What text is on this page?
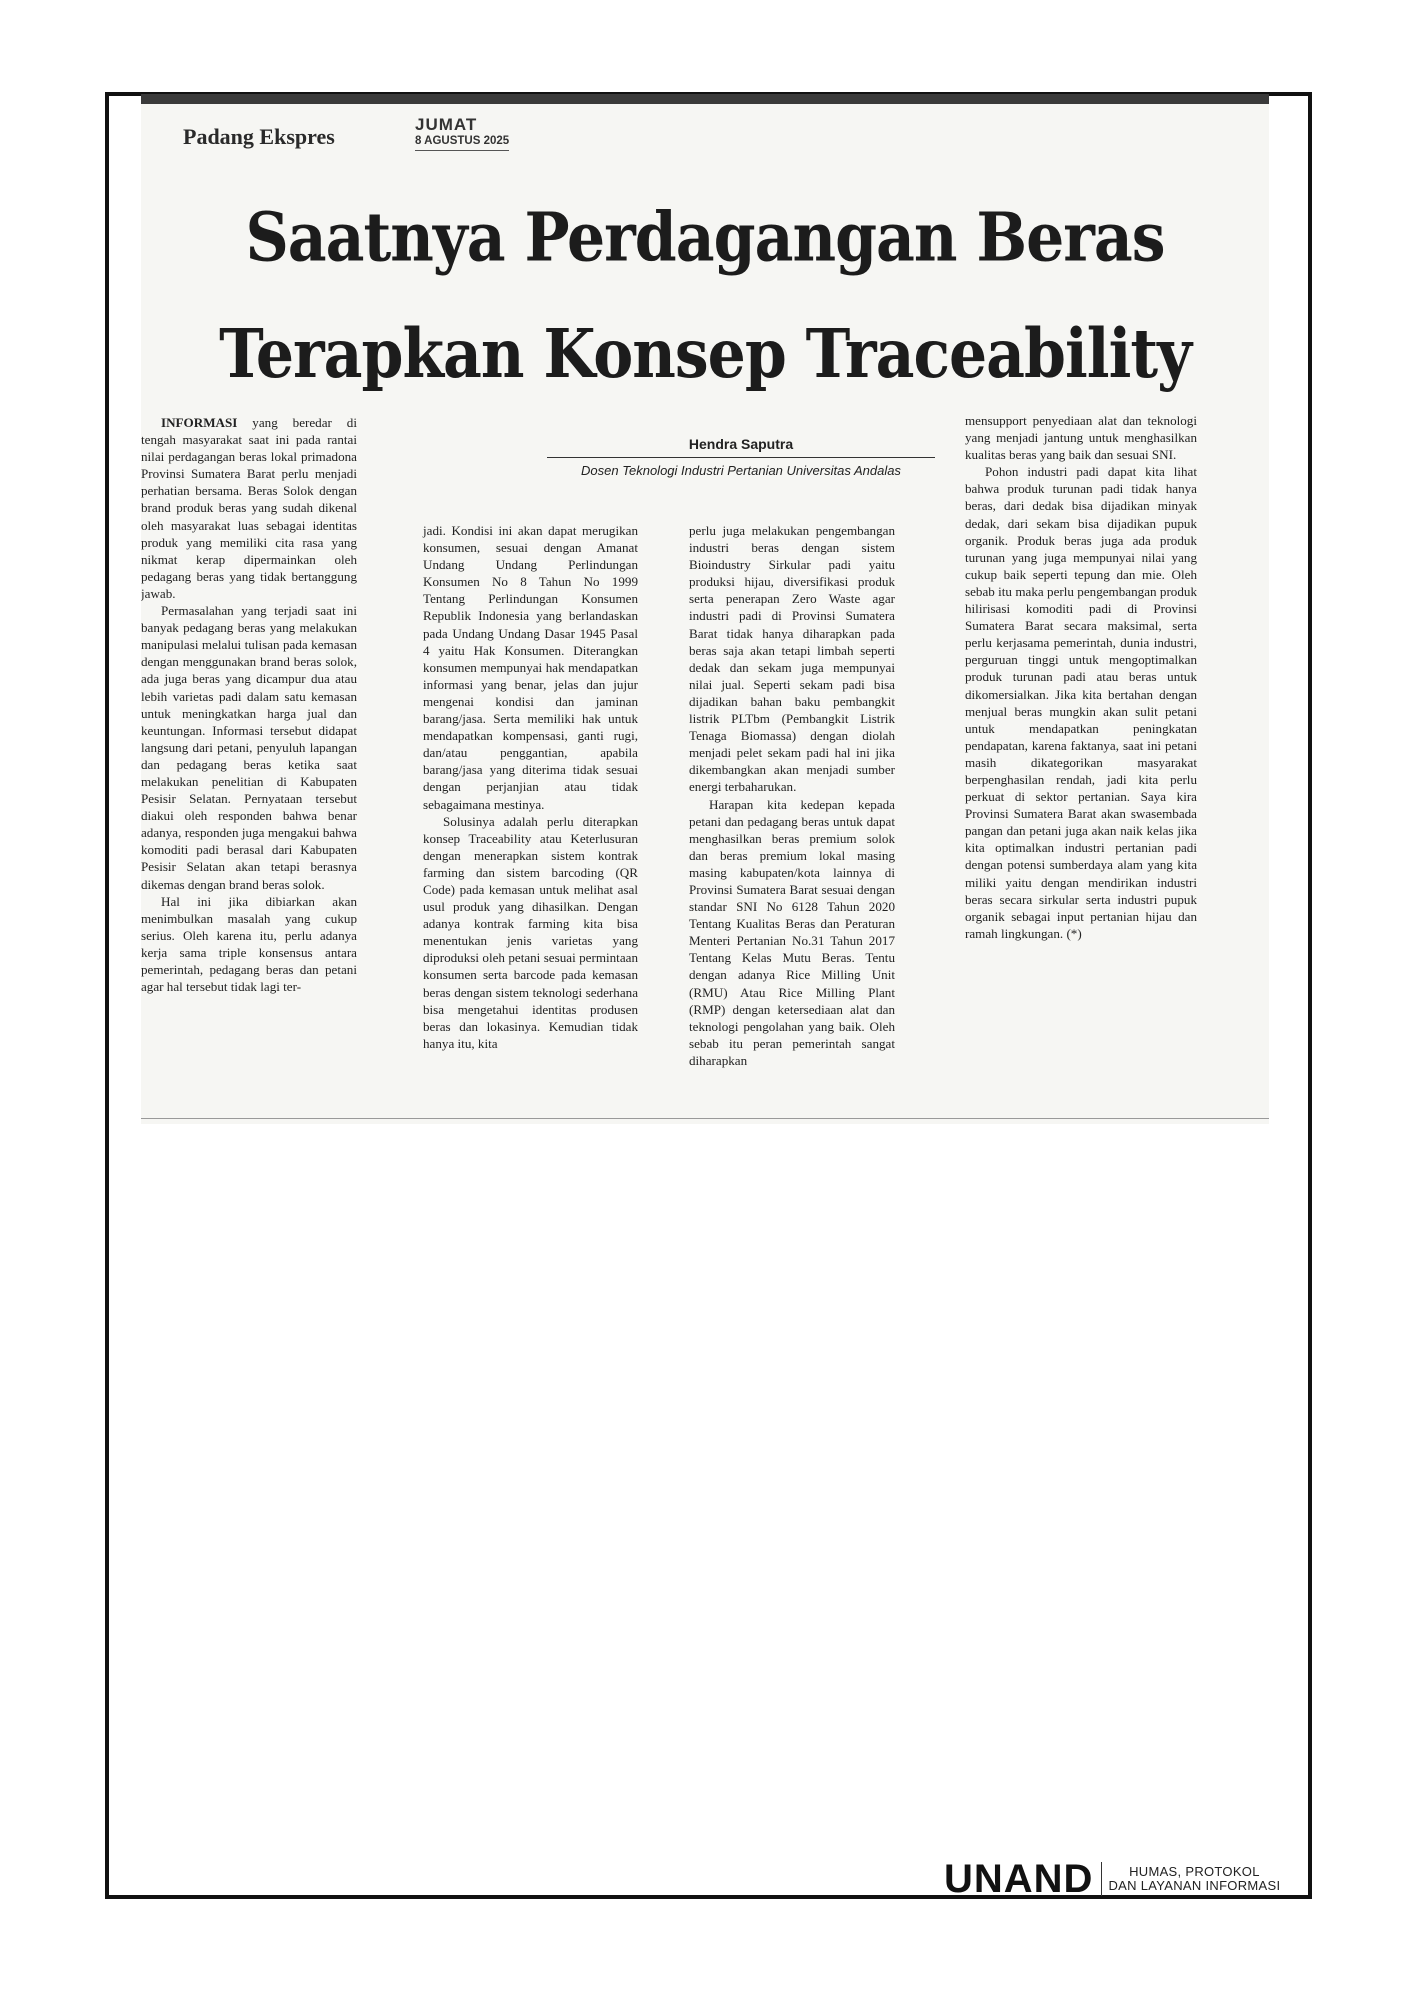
Padang Ekspres	JUMAT
8 AGUSTUS 2025
Saatnya Perdagangan Beras
Terapkan Konsep Traceability
Hendra Saputra
Dosen Teknologi Industri Pertanian Universitas Andalas

INFORMASI yang beredar di tengah masyarakat saat ini pada rantai nilai perdagangan beras lokal primadona Provinsi Sumatera Barat perlu menjadi perhatian bersama. Beras Solok dengan brand produk beras yang sudah dikenal oleh masyarakat luas sebagai identitas produk yang memiliki cita rasa yang nikmat kerap dipermainkan oleh pedagang beras yang tidak bertanggung jawab.

Permasalahan yang terjadi saat ini banyak pedagang beras yang melakukan manipulasi melalui tulisan pada kemasan dengan menggunakan brand beras solok, ada juga beras yang dicampur dua atau lebih varietas padi dalam satu kemasan untuk meningkatkan harga jual dan keuntungan. Informasi tersebut didapat langsung dari petani, penyuluh lapangan dan pedagang beras ketika saat melakukan penelitian di Kabupaten Pesisir Selatan. Pernyataan tersebut diakui oleh responden bahwa benar adanya, responden juga mengakui bahwa komoditi padi berasal dari Kabupaten Pesisir Selatan akan tetapi berasnya dikemas dengan brand beras solok.

Hal ini jika dibiarkan akan menimbulkan masalah yang cukup serius. Oleh karena itu, perlu adanya kerja sama triple konsensus antara pemerintah, pedagang beras dan petani agar hal tersebut tidak lagi ter-

jadi. Kondisi ini akan dapat merugikan konsumen, sesuai dengan Amanat Undang Undang Perlindungan Konsumen No 8 Tahun No 1999 Tentang Perlindungan Konsumen Republik Indonesia yang berlandaskan pada Undang Undang Dasar 1945 Pasal 4 yaitu Hak Konsumen. Diterangkan konsumen mempunyai hak mendapatkan informasi yang benar, jelas dan jujur mengenai kondisi dan jaminan barang/jasa. Serta memiliki hak untuk mendapatkan kompensasi, ganti rugi, dan/atau penggantian, apabila barang/jasa yang diterima tidak sesuai dengan perjanjian atau tidak sebagaimana mestinya.

Solusinya adalah perlu diterapkan konsep Traceability atau Keterlusuran dengan menerapkan sistem kontrak farming dan sistem barcoding (QR Code) pada kemasan untuk melihat asal usul produk yang dihasilkan. Dengan adanya kontrak farming kita bisa menentukan jenis varietas yang diproduksi oleh petani sesuai permintaan konsumen serta barcode pada kemasan beras dengan sistem teknologi sederhana bisa mengetahui identitas produsen beras dan lokasinya. Kemudian tidak hanya itu, kita

perlu juga melakukan pengembangan industri beras dengan sistem Bioindustry Sirkular padi yaitu produksi hijau, diversifikasi produk serta penerapan Zero Waste agar industri padi di Provinsi Sumatera Barat tidak hanya diharapkan pada beras saja akan tetapi limbah seperti dedak dan sekam juga mempunyai nilai jual. Seperti sekam padi bisa dijadikan bahan baku pembangkit listrik PLTbm (Pembangkit Listrik Tenaga Biomassa) dengan diolah menjadi pelet sekam padi hal ini jika dikembangkan akan menjadi sumber energi terbaharukan.

Harapan kita kedepan kepada petani dan pedagang beras untuk dapat menghasilkan beras premium solok dan beras premium lokal masing masing kabupaten/kota lainnya di Provinsi Sumatera Barat sesuai dengan standar SNI No 6128 Tahun 2020 Tentang Kualitas Beras dan Peraturan Menteri Pertanian No.31 Tahun 2017 Tentang Kelas Mutu Beras. Tentu dengan adanya Rice Milling Unit (RMU) Atau Rice Milling Plant (RMP) dengan ketersediaan alat dan teknologi pengolahan yang baik. Oleh sebab itu peran pemerintah sangat diharapkan

mensupport penyediaan alat dan teknologi yang menjadi jantung untuk menghasilkan kualitas beras yang baik dan sesuai SNI.

Pohon industri padi dapat kita lihat bahwa produk turunan padi tidak hanya beras, dari dedak bisa dijadikan minyak dedak, dari sekam bisa dijadikan pupuk organik. Produk beras juga ada produk turunan yang juga mempunyai nilai yang cukup baik seperti tepung dan mie. Oleh sebab itu maka perlu pengembangan produk hilirisasi komoditi padi di Provinsi Sumatera Barat secara maksimal, serta perlu kerjasama pemerintah, dunia industri, perguruan tinggi untuk mengoptimalkan produk turunan padi atau beras untuk dikomersialkan. Jika kita bertahan dengan menjual beras mungkin akan sulit petani untuk mendapatkan peningkatan pendapatan, karena faktanya, saat ini petani masih dikategorikan masyarakat berpenghasilan rendah, jadi kita perlu perkuat di sektor pertanian. Saya kira Provinsi Sumatera Barat akan swasembada pangan dan petani juga akan naik kelas jika kita optimalkan industri pertanian padi dengan potensi sumberdaya alam yang kita miliki yaitu dengan mendirikan industri beras secara sirkular serta industri pupuk organik sebagai input pertanian hijau dan ramah lingkungan. (*)

UNAND	HUMAS, PROTOKOL
DAN LAYANAN INFORMASI
